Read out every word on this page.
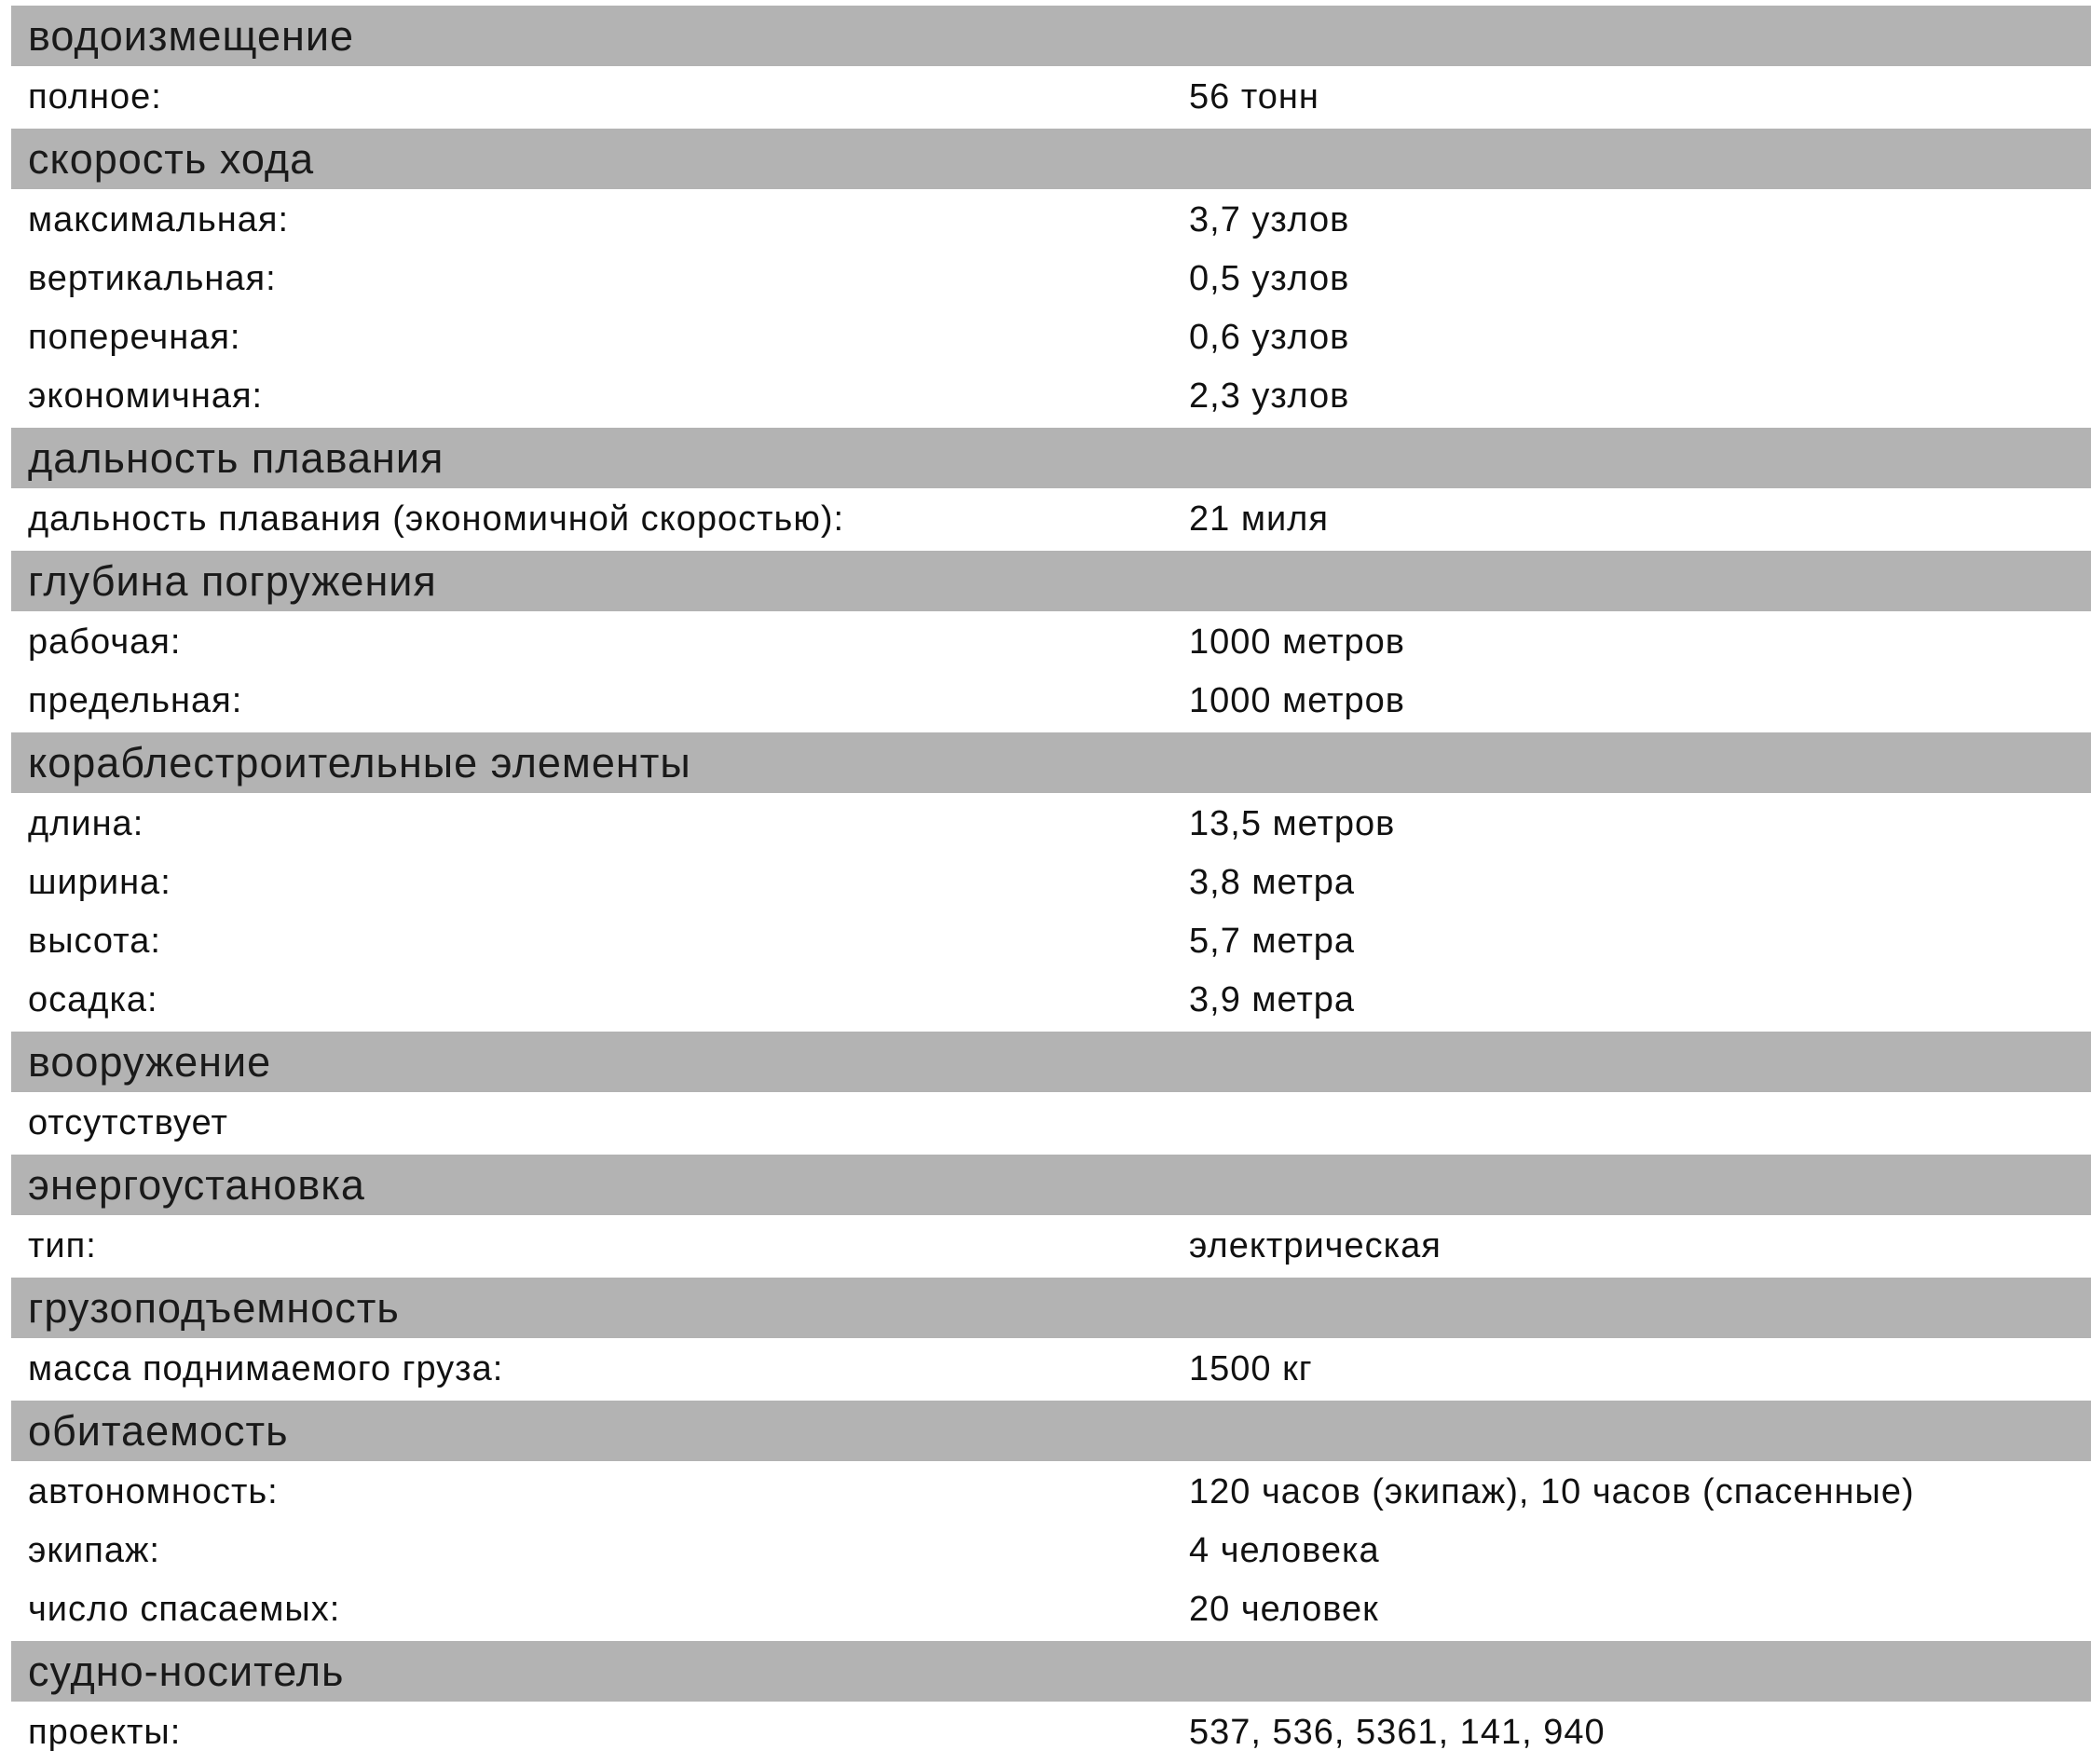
водоизмещение
полное:	56 тонн
скорость хода
максимальная:	3,7 узлов
вертикальная:	0,5 узлов
поперечная:	0,6 узлов
экономичная:	2,3 узлов
дальность плавания
дальность плавания (экономичной скоростью):	21 миля
глубина погружения
рабочая:	1000 метров
предельная:	1000 метров
кораблестроительные элементы
длина:	13,5 метров
ширина:	3,8 метра
высота:	5,7 метра
осадка:	3,9 метра
вооружение
отсутствует
энергоустановка
тип:	электрическая
грузоподъемность
масса поднимаемого груза:	1500 кг
обитаемость
автономность:	120 часов (экипаж), 10 часов (спасенные)
экипаж:	4 человека
число спасаемых:	20 человек
судно-носитель
проекты:	537, 536, 5361, 141, 940
